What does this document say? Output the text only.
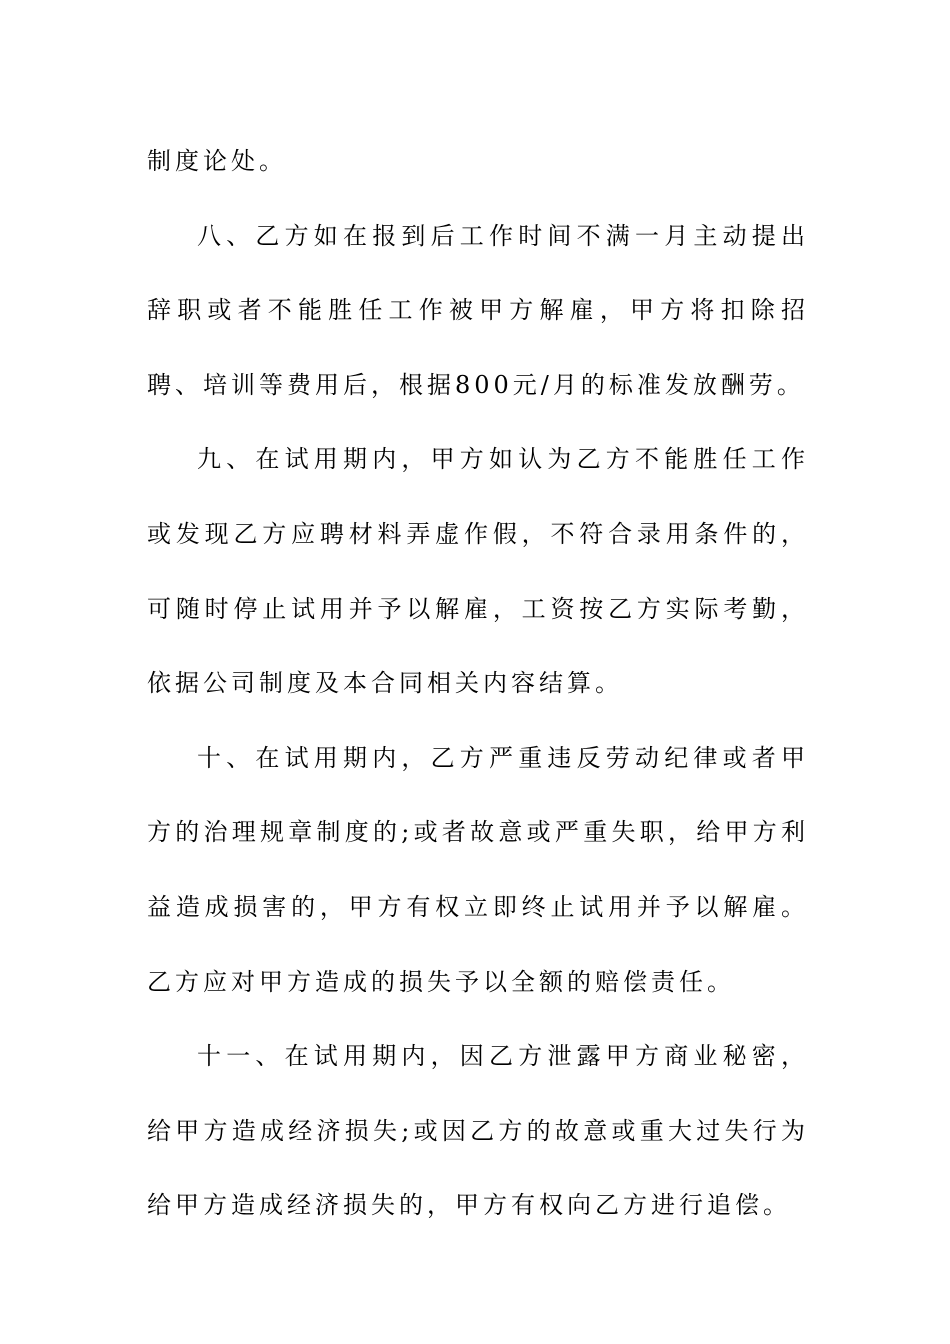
制度论处。

八、乙方如在报到后工作时间不满一月主动提出辞职或者不能胜任工作被甲方解雇，甲方将扣除招聘、培训等费用后，根据800元/月的标准发放酬劳。

九、在试用期内，甲方如认为乙方不能胜任工作或发现乙方应聘材料弄虚作假，不符合录用条件的，可随时停止试用并予以解雇，工资按乙方实际考勤，依据公司制度及本合同相关内容结算。

十、在试用期内，乙方严重违反劳动纪律或者甲方的治理规章制度的;或者故意或严重失职，给甲方利益造成损害的，甲方有权立即终止试用并予以解雇。乙方应对甲方造成的损失予以全额的赔偿责任。

十一、在试用期内，因乙方泄露甲方商业秘密，给甲方造成经济损失;或因乙方的故意或重大过失行为给甲方造成经济损失的，甲方有权向乙方进行追偿。
